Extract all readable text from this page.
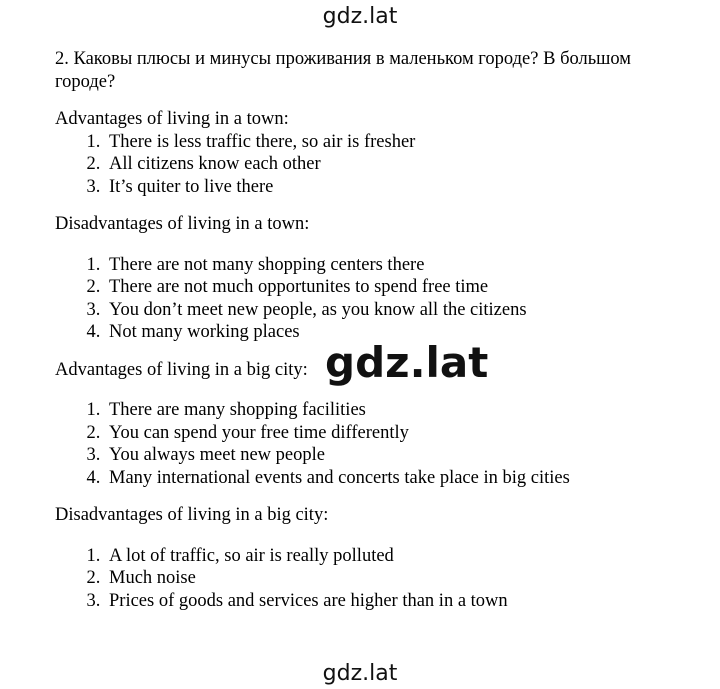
gdz.lat

2. Каковы плюсы и минусы проживания в маленьком городе? В большом городе?

Advantages of living in a town:

1. There is less traffic there, so air is fresher
2. All citizens know each other
3. It’s quiter to live there

Disadvantages of living in a town:

1. There are not many shopping centers there
2. There are not much opportunites to spend free time
3. You don’t meet new people, as you know all the citizens
4. Not many working places

Advantages of living in a big city:

1. There are many shopping facilities
2. You can spend your free time differently
3. You always meet new people
4. Many international events and concerts take place in big cities

Disadvantages of living in a big city:

1. A lot of traffic, so air is really polluted
2. Much noise
3. Prices of goods and services are higher than in a town
gdz.lat
gdz.lat
